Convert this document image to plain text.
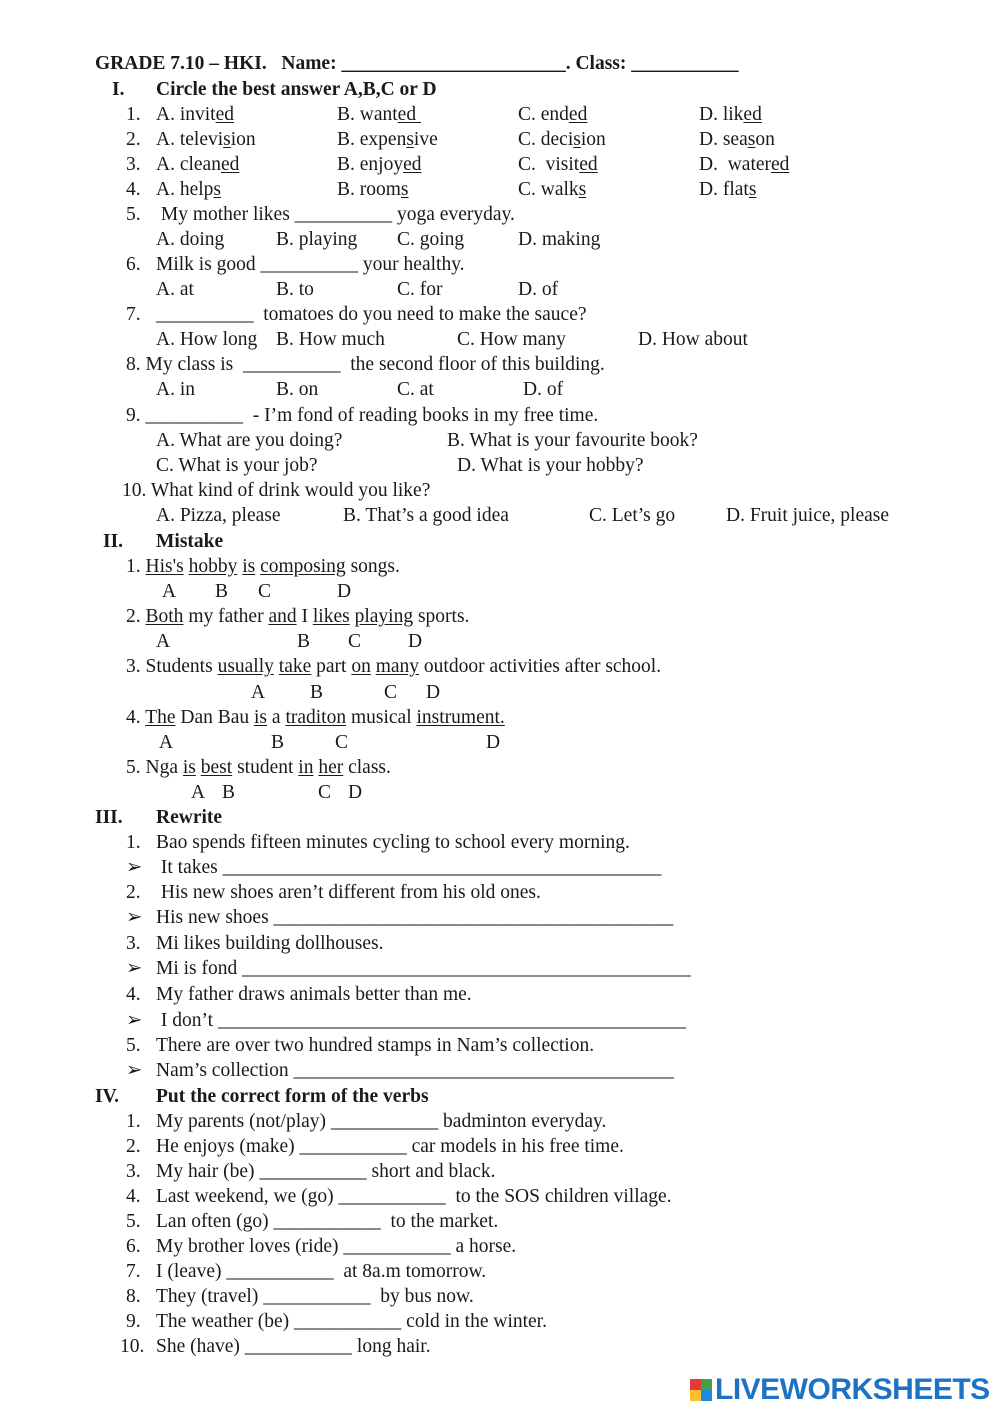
GRADE 7.10 – HKI. Name: _______________________. Class: ___________
I. Circle the best answer A,B,C or D
1. A. invited	B. wanted	C. ended	D. liked
2. A. television	B. expensive	C. decision	D. season
3. A. cleaned	B. enjoyed	C.  visited	D.  watered
4. A. helps	B. rooms	C. walks	D. flats
5. My mother likes __________ yoga everyday.
A. doing	B. playing C. going	D. making
6. Milk is good __________ your healthy.
A. at	B. to	C. for	D. of
7. __________  tomatoes do you need to make the sauce?
A. How long B. How much	C. How many	D. How about
8. My class is  __________  the second floor of this building.
A. in	B. on	C. at	D. of
9. __________  - I’m fond of reading books in my free time.
A. What are you doing?	B. What is your favourite book?
C. What is your job?	D. What is your hobby?
10. What kind of drink would you like?
A. Pizza, please	B. That’s a good idea	C. Let’s go	D. Fruit juice, please
II. Mistake
1. His's hobby is composing songs.
A B C	D
2. Both my father and I likes playing sports.
A	B C D
3. Students usually take part on many outdoor activities after school.
A B	C D
4. The Dan Bau is a traditon musical instrument.
A	B	C	D
5. Nga is best student in her class.
A B	C D
III. Rewrite
1. Bao spends fifteen minutes cycling to school every morning.
➢ It takes _____________________________________________
2. His new shoes aren’t different from his old ones.
➢ His new shoes _________________________________________
3. Mi likes building dollhouses.
➢ Mi is fond ______________________________________________
4. My father draws animals better than me.
➢ I don’t ________________________________________________
5. There are over two hundred stamps in Nam’s collection.
➢ Nam’s collection _______________________________________
IV. Put the correct form of the verbs
1. My parents (not/play) ___________ badminton everyday.
2. He enjoys (make) ___________ car models in his free time.
3. My hair (be) ___________ short and black.
4. Last weekend, we (go) ___________  to the SOS children village.
5. Lan often (go) ___________  to the market.
6. My brother loves (ride) ___________ a horse.
7. I (leave) ___________  at 8a.m tomorrow.
8. They (travel) ___________  by bus now.
9. The weather (be) ___________ cold in the winter.
10. She (have) ___________ long hair.
LIVEWORKSHEETS
